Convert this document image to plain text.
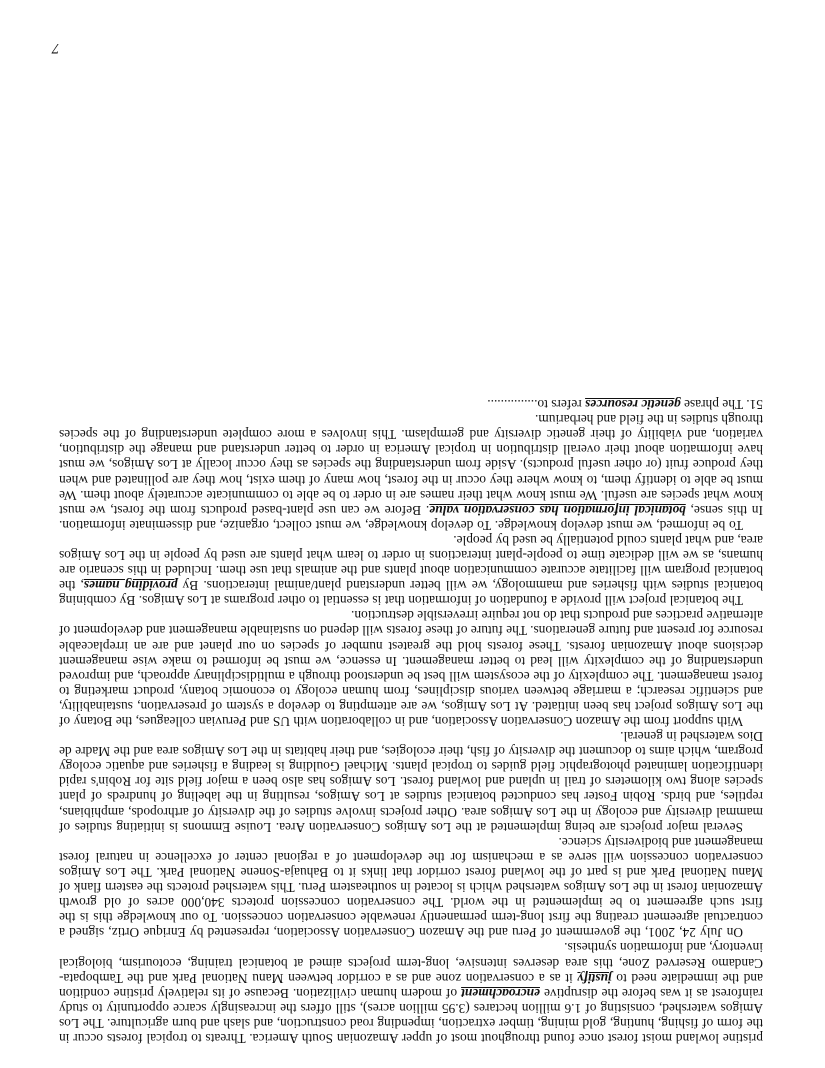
pristine lowland moist forest once found throughout most of upper Amazonian South America. Threats to tropical forests occur in the form of fishing, hunting, gold mining, timber extraction, impending road construction, and slash and burn agriculture. The Los Amigos watershed, consisting of 1.6 million hectares (3.95 million acres), still offers the increasingly scarce opportunity to study rainforest as it was before the disruptive encroachment of modern human civilization. Because of its relatively pristine condition and the immediate need to justify it as a conservation zone and as a corridor between Manu National Park and the Tambopata-Candamo Reserved Zone, this area deserves intensive, long-term projects aimed at botanical training, ecotourism, biological inventory, and information synthesis.

On July 24, 2001, the government of Peru and the Amazon Conservation Association, represented by Enrique Ortiz, signed a contractual agreement creating the first long-term permanently renewable conservation concession. To our knowledge this is the first such agreement to be implemented in the world. The conservation concession protects 340,000 acres of old growth Amazonian forest in the Los Amigos watershed which is located in southeastern Peru. This watershed protects the eastern flank of Manu National Park and is part of the lowland forest corridor that links it to Bahuaja-Sonene National Park. The Los Amigos conservation concession will serve as a mechanism for the development of a regional center of excellence in natural forest management and biodiversity science.

Several major projects are being implemented at the Los Amigos Conservation Area. Louise Emmons is initiating studies of mammal diversity and ecology in the Los Amigos area. Other projects involve studies of the diversity of arthropods, amphibians, reptiles, and birds. Robin Foster has conducted botanical studies at Los Amigos, resulting in the labeling of hundreds of plant species along two kilometers of trail in upland and lowland forest. Los Amigos has also been a major field site for Robin's rapid identification laminated photographic field guides to tropical plants. Michael Goulding is leading a fisheries and aquatic ecology program, which aims to document the diversity of fish, their ecologies, and their habitats in the Los Amigos area and the Madre de Dios watershed in general.

With support from the Amazon Conservation Association, and in collaboration with US and Peruvian colleagues, the Botany of the Los Amigos project has been initiated. At Los Amigos, we are attempting to develop a system of preservation, sustainability, and scientific research; a marriage between various disciplines, from human ecology to economic botany, product marketing to forest management. The complexity of the ecosystem will best be understood through a multidisciplinary approach, and improved understanding of the complexity will lead to better management. In essence, we must be informed to make wise management decisions about Amazonian forests. These forests hold the greatest number of species on our planet and are an irreplaceable resource for present and future generations. The future of these forests will depend on sustainable management and development of alternative practices and products that do not require irreversible destruction.

The botanical project will provide a foundation of information that is essential to other programs at Los Amigos. By combining botanical studies with fisheries and mammology, we will better understand plant/animal interactions. By providing names, the botanical program will facilitate accurate communication about plants and the animals that use them. Included in this scenario are humans, as we will dedicate time to people-plant interactions in order to learn what plants are used by people in the Los Amigos area, and what plants could potentially be used by people.

To be informed, we must develop knowledge. To develop knowledge, we must collect, organize, and disseminate information. In this sense, botanical information has conservation value. Before we can use plant-based products from the forest, we must know what species are useful. We must know what their names are in order to be able to communicate accurately about them. We must be able to identify them, to know where they occur in the forest, how many of them exist, how they are pollinated and when they produce fruit (or other useful products). Aside from understanding the species as they occur locally at Los Amigos, we must have information about their overall distribution in tropical America in order to better understand and manage the distribution, variation, and viability of their genetic diversity and germplasm. This involves a more complete understanding of the species through studies in the field and herbarium.

51. The phrase genetic resources refers to...............

7
